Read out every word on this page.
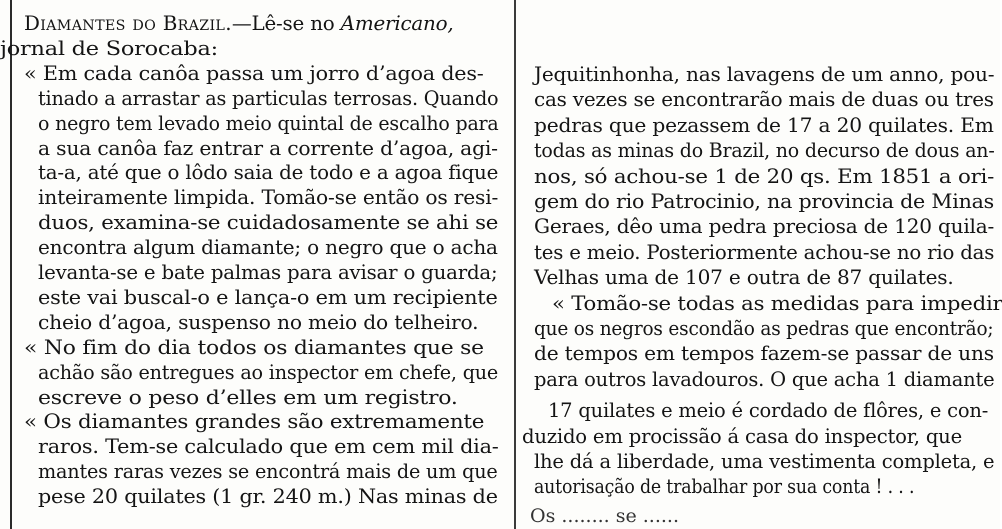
Diamantes do Brazil.—Lê-se no Americano,
jornal de Sorocaba:
« Em cada canôa passa um jorro d’agoa des-
tinado a arrastar as particulas terrosas. Quando
o negro tem levado meio quintal de escalho para
a sua canôa faz entrar a corrente d’agoa, agi-
ta-a, até que o lôdo saia de todo e a agoa fique
inteiramente limpida. Tomão-se então os resi-
duos, examina-se cuidadosamente se ahi se
encontra algum diamante; o negro que o acha
levanta-se e bate palmas para avisar o guarda;
este vai buscal-o e lança-o em um recipiente
cheio d’agoa, suspenso no meio do telheiro.
« No fim do dia todos os diamantes que se
achão são entregues ao inspector em chefe, que
escreve o peso d’elles em um registro.
« Os diamantes grandes são extremamente
raros. Tem-se calculado que em cem mil dia-
mantes raras vezes se encontrá mais de um que
pese 20 quilates (1 gr. 240 m.) Nas minas de
Jequitinhonha, nas lavagens de um anno, pou-
cas vezes se encontrarão mais de duas ou tres
pedras que pezassem de 17 a 20 quilates. Em
todas as minas do Brazil, no decurso de dous an-
nos, só achou-se 1 de 20 qs. Em 1851 a ori-
gem do rio Patrocinio, na provincia de Minas
Geraes, dêo uma pedra preciosa de 120 quila-
tes e meio. Posteriormente achou-se no rio das
Velhas uma de 107 e outra de 87 quilates.
« Tomão-se todas as medidas para impedir
que os negros escondão as pedras que encontrão;
de tempos em tempos fazem-se passar de uns
para outros lavadouros. O que acha 1 diamante
17 quilates e meio é cordado de flôres, e con-
duzido em procissão á casa do inspector, que
lhe dá a liberdade, uma vestimenta completa, e
autorisação de trabalhar por sua conta ! . . .
Os ........ se ......
